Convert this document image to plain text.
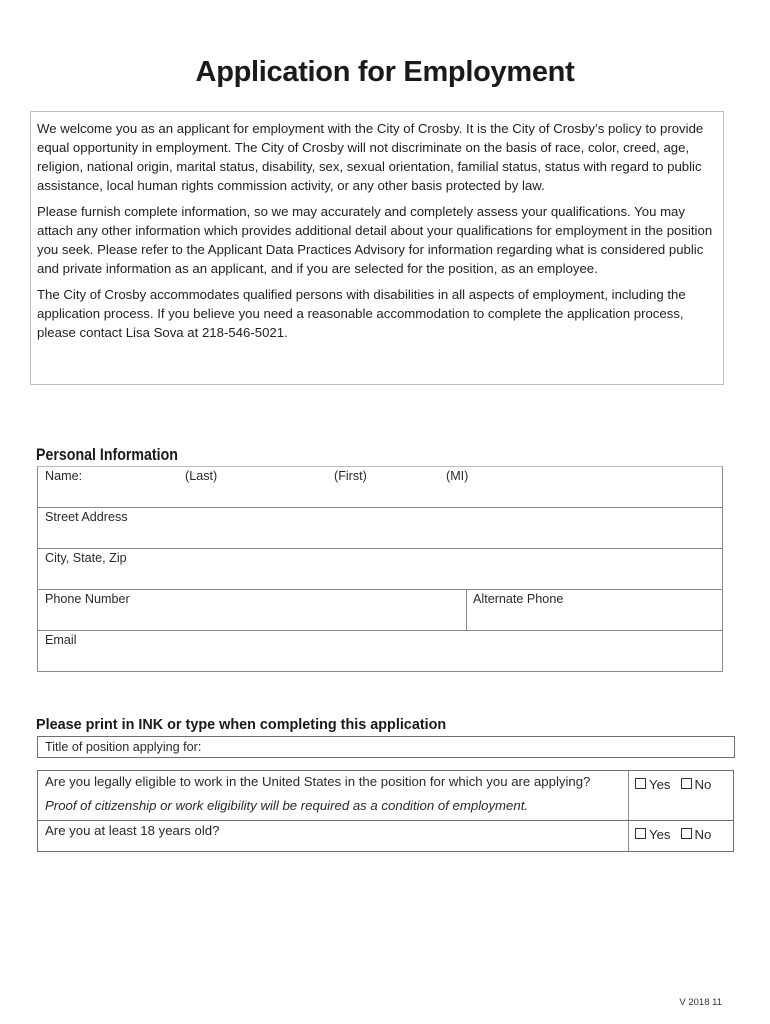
Application for Employment

We welcome you as an applicant for employment with the City of Crosby. It is the City of Crosby’s policy to provide equal opportunity in employment. The City of Crosby will not discriminate on the basis of race, color, creed, age, religion, national origin, marital status, disability, sex, sexual orientation, familial status, status with regard to public assistance, local human rights commission activity, or any other basis protected by law.

Please furnish complete information, so we may accurately and completely assess your qualifications. You may attach any other information which provides additional detail about your qualifications for employment in the position you seek. Please refer to the Applicant Data Practices Advisory for information regarding what is considered public and private information as an applicant, and if you are selected for the position, as an employee.

The City of Crosby accommodates qualified persons with disabilities in all aspects of employment, including the application process. If you believe you need a reasonable accommodation to complete the application process, please contact Lisa Sova at 218-546-5021.

Personal Information
Name:	(Last)	(First)	(MI)
Street Address
City, State, Zip
Phone Number	Alternate Phone
Email
Please print in INK or type when completing this application
Title of position applying for:
Are you legally eligible to work in the United States in the position for which you are applying?
Proof of citizenship or work eligibility will be required as a condition of employment.
Yes No
Are you at least 18 years old?	Yes No
V 2018 11
